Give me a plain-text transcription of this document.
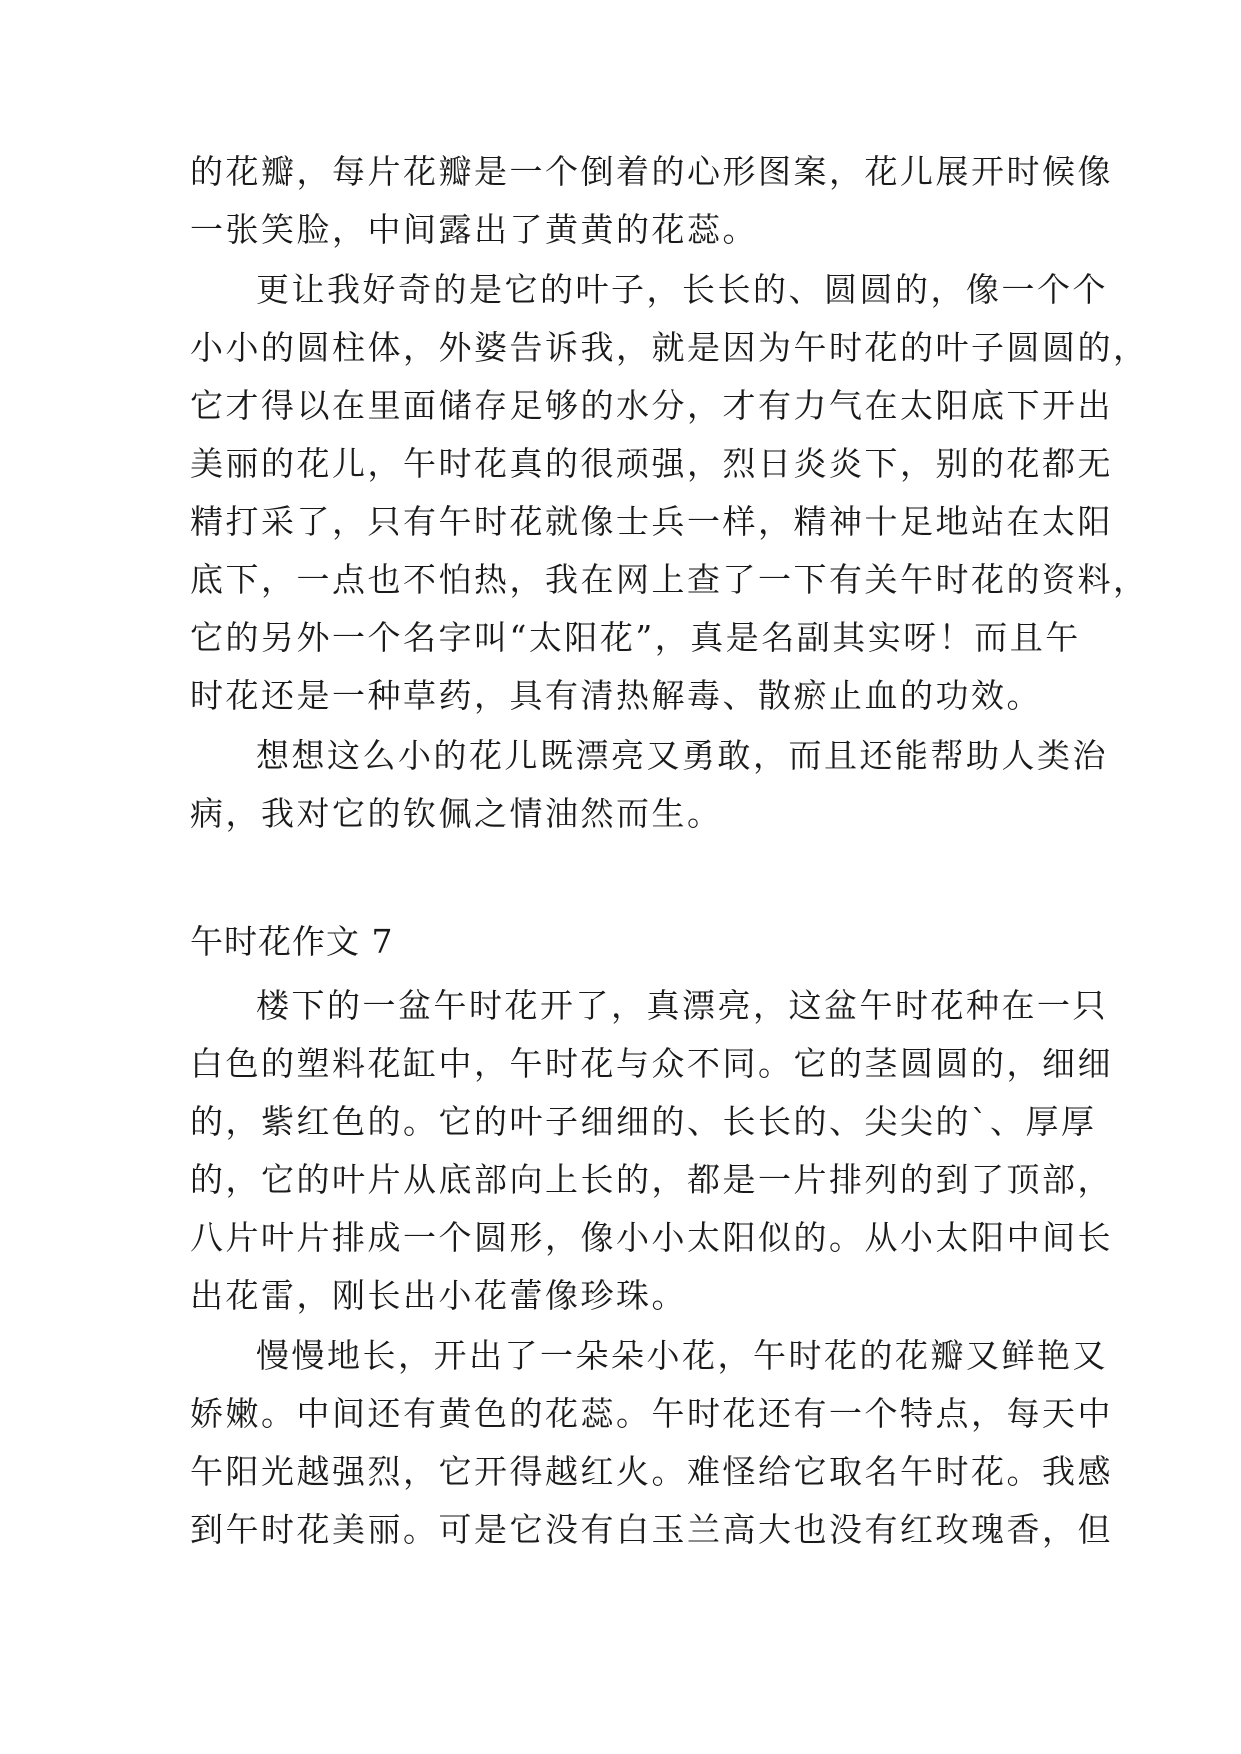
的花瓣，每片花瓣是一个倒着的心形图案，花儿展开时候像
一张笑脸，中间露出了黄黄的花蕊。
更让我好奇的是它的叶子，长长的、圆圆的，像一个个
小小的圆柱体，外婆告诉我，就是因为午时花的叶子圆圆的，
它才得以在里面储存足够的水分，才有力气在太阳底下开出
美丽的花儿，午时花真的很顽强，烈日炎炎下，别的花都无
精打采了，只有午时花就像士兵一样，精神十足地站在太阳
底下，一点也不怕热，我在网上查了一下有关午时花的资料，
它的另外一个名字叫“太阳花”，真是名副其实呀！而且午
时花还是一种草药，具有清热解毒、散瘀止血的功效。
想想这么小的花儿既漂亮又勇敢，而且还能帮助人类治
病，我对它的钦佩之情油然而生。
午时花作文 7
楼下的一盆午时花开了，真漂亮，这盆午时花种在一只
白色的塑料花缸中，午时花与众不同。它的茎圆圆的，细细
的，紫红色的。它的叶子细细的、长长的、尖尖的`、厚厚
的，它的叶片从底部向上长的，都是一片排列的到了顶部，
八片叶片排成一个圆形，像小小太阳似的。从小太阳中间长
出花雷，刚长出小花蕾像珍珠。
慢慢地长，开出了一朵朵小花，午时花的花瓣又鲜艳又
娇嫩。中间还有黄色的花蕊。午时花还有一个特点，每天中
午阳光越强烈，它开得越红火。难怪给它取名午时花。我感
到午时花美丽。可是它没有白玉兰高大也没有红玫瑰香，但
